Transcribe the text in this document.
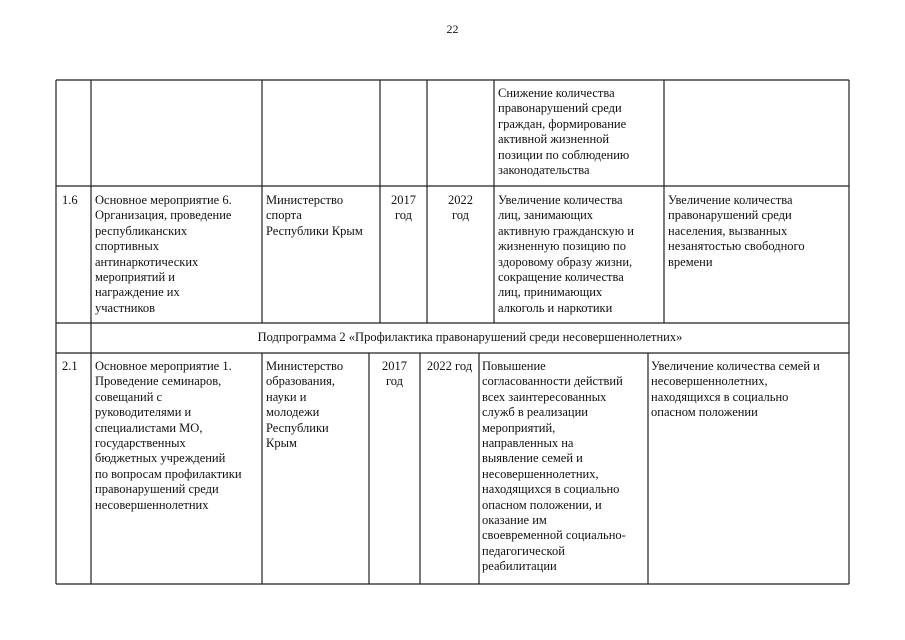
22
Снижение количества
правонарушений среди
граждан, формирование
активной жизненной
позиции по соблюдению
законодательства
1.6 Основное мероприятие 6.
Организация, проведение
республиканских
спортивных
антинаркотических
мероприятий и
награждение их
участников
Министерство
спорта
Республики Крым
2017
год
2022
год
Увеличение количества
лиц, занимающих
активную гражданскую и
жизненную позицию по
здоровому образу жизни,
сокращение количества
лиц, принимающих
алкоголь и наркотики
Увеличение количества
правонарушений среди
населения, вызванных
незанятостью свободного
времени
Подпрограмма 2 «Профилактика правонарушений среди несовершеннолетних»
2.1 Основное мероприятие 1.
Проведение семинаров,
совещаний с
руководителями и
специалистами МО,
государственных
бюджетных учреждений
по вопросам профилактики
правонарушений среди
несовершеннолетних
Министерство
образования,
науки и
молодежи
Республики
Крым
2017
год
2022 год Повышение
согласованности действий
всех заинтересованных
служб в реализации
мероприятий,
направленных на
выявление семей и
несовершеннолетних,
находящихся в социально
опасном положении, и
оказание им
своевременной социально-
педагогической
реабилитации
Увеличение количества семей и
несовершеннолетних,
находящихся в социально
опасном положении
